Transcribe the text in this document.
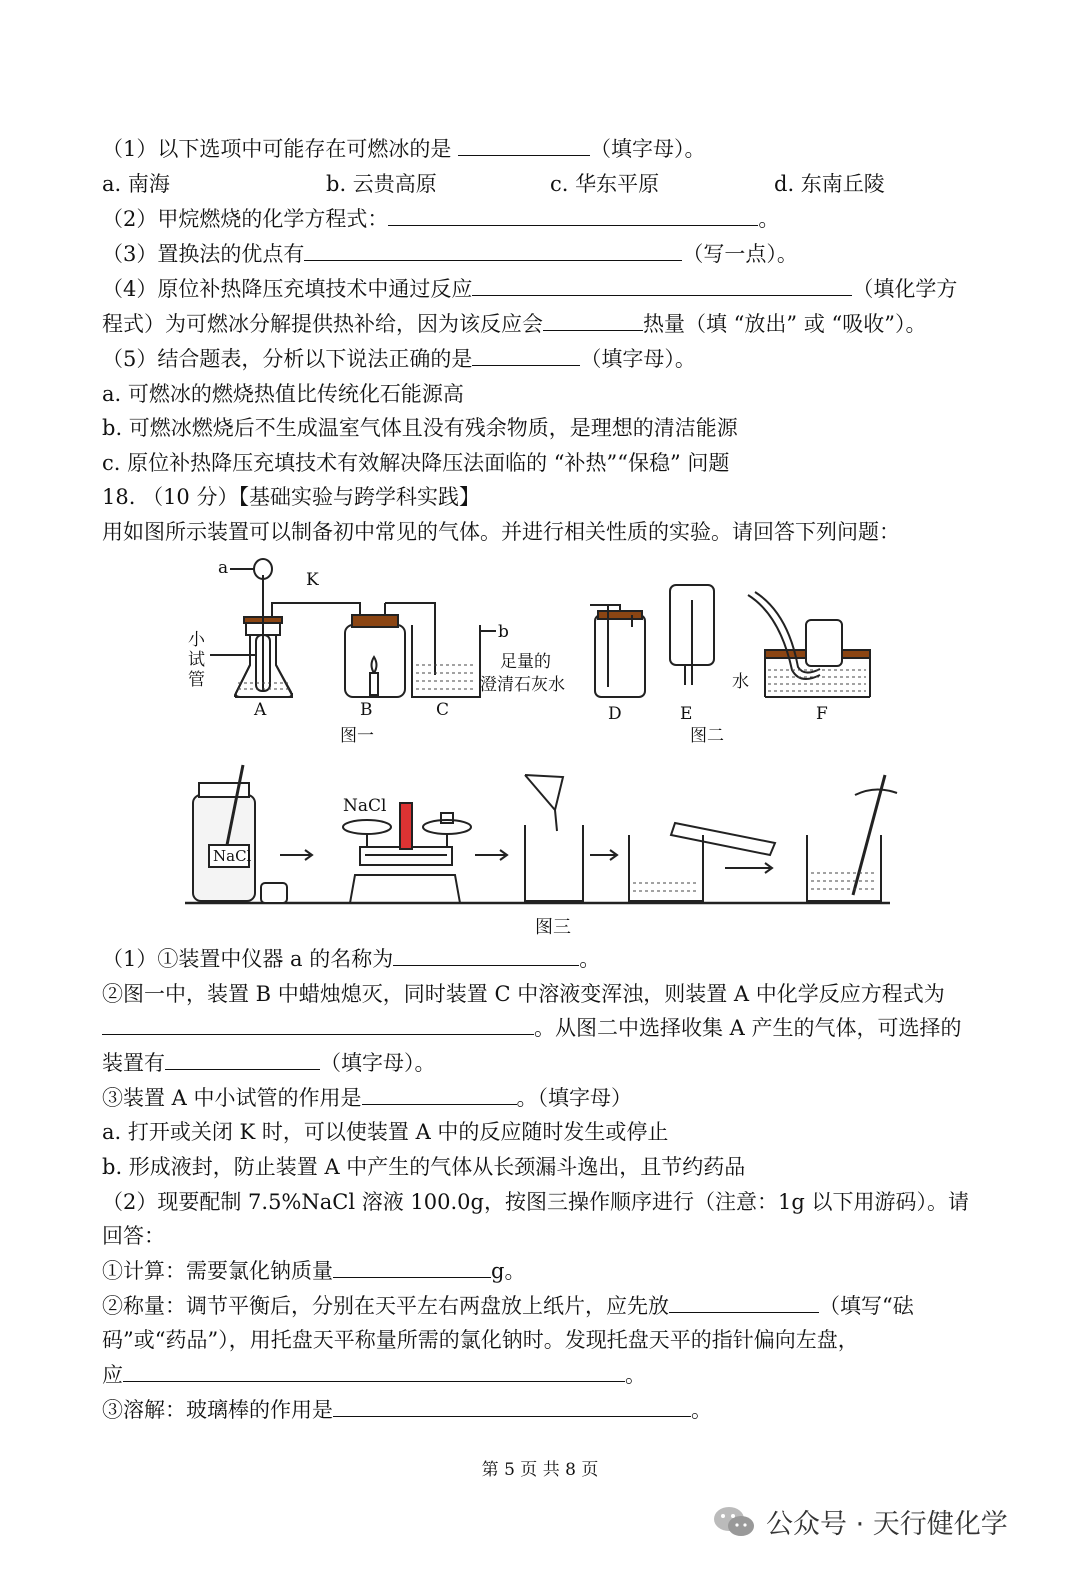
（1）以下选项中可能存在可燃冰的是	（填字母）。
a. 南海	b. 云贵高原	c. 华东平原	d. 东南丘陵
（2）甲烷燃烧的化学方程式：	。
（3）置换法的优点有	（写一点）。
（4）原位补热降压充填技术中通过反应	（填化学方
程式）为可燃冰分解提供热补给，因为该反应会	热量（填 “放出” 或 “吸收”）。
（5）结合题表，分析以下说法正确的是	（填字母）。
a. 可燃冰的燃烧热值比传统化石能源高
b. 可燃冰燃烧后不生成温室气体且没有残余物质，是理想的清洁能源
c. 原位补热降压充填技术有效解决降压法面临的 “补热”“保稳” 问题
18. （10 分）【基础实验与跨学科实践】
用如图所示装置可以制备初中常见的气体。并进行相关性质的实验。请回答下列问题：
a
K
b
A	B	C
足量的
澄清石灰水
D	E	F
水
图一	图二
小
试
管
NaCl
NaCl
图三
（1）①装置中仪器 a 的名称为	。
②图一中，装置 B 中蜡烛熄灭，同时装置 C 中溶液变浑浊，则装置 A 中化学反应方程式为
。从图二中选择收集 A 产生的气体，可选择的
装置有	（填字母）。
③装置 A 中小试管的作用是	。（填字母）
a. 打开或关闭 K 时，可以使装置 A 中的反应随时发生或停止
b. 形成液封，防止装置 A 中产生的气体从长颈漏斗逸出，且节约药品
（2）现要配制 7.5%NaCl 溶液 100.0g，按图三操作顺序进行（注意：1g 以下用游码）。请
回答：
①计算：需要氯化钠质量	g。
②称量：调节平衡后，分别在天平左右两盘放上纸片，应先放	（填写“砝
码”或“药品”），用托盘天平称量所需的氯化钠时。发现托盘天平的指针偏向左盘，
应	。
③溶解：玻璃棒的作用是	。
第 5 页 共 8 页
公众号 · 天行健化学
